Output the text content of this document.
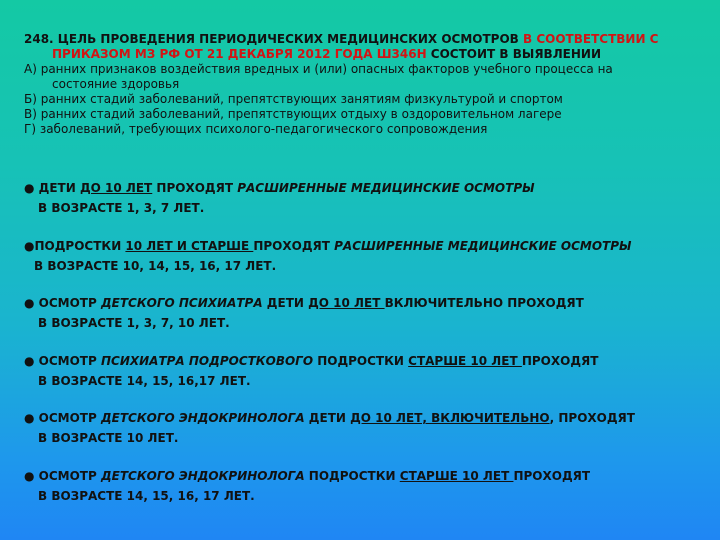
248. ЦЕЛЬ ПРОВЕДЕНИЯ ПЕРИОДИЧЕСКИХ МЕДИЦИНСКИХ ОСМОТРОВ В СООТВЕТСТВИИ С
ПРИКАЗОМ МЗ РФ ОТ 21 ДЕКАБРЯ 2012 ГОДА Ш346Н СОСТОИТ В ВЫЯВЛЕНИИ
А) ранних признаков воздействия вредных и (или) опасных факторов учебного процесса на
состояние здоровья
Б) ранних стадий заболеваний, препятствующих занятиям физкультурой и спортом
В) ранних стадий заболеваний, препятствующих отдыху в оздоровительном лагере
Г) заболеваний, требующих психолого-педагогического сопровождения
● ДЕТИ ДО 10 ЛЕТ ПРОХОДЯТ РАСШИРЕННЫЕ МЕДИЦИНСКИЕ ОСМОТРЫ
В ВОЗРАСТЕ 1, 3, 7 ЛЕТ.
●ПОДРОСТКИ 10 ЛЕТ И СТАРШЕ ПРОХОДЯТ РАСШИРЕННЫЕ МЕДИЦИНСКИЕ ОСМОТРЫ
В ВОЗРАСТЕ 10, 14, 15, 16, 17 ЛЕТ.
● ОСМОТР ДЕТСКОГО ПСИХИАТРА ДЕТИ ДО 10 ЛЕТ ВКЛЮЧИТЕЛЬНО ПРОХОДЯТ
В ВОЗРАСТЕ 1, 3, 7, 10 ЛЕТ.
● ОСМОТР ПСИХИАТРА ПОДРОСТКОВОГО ПОДРОСТКИ СТАРШЕ 10 ЛЕТ ПРОХОДЯТ
В ВОЗРАСТЕ 14, 15, 16,17 ЛЕТ.
● ОСМОТР ДЕТСКОГО ЭНДОКРИНОЛОГА ДЕТИ ДО 10 ЛЕТ, ВКЛЮЧИТЕЛЬНО, ПРОХОДЯТ
В ВОЗРАСТЕ 10 ЛЕТ.
● ОСМОТР ДЕТСКОГО ЭНДОКРИНОЛОГА ПОДРОСТКИ СТАРШЕ 10 ЛЕТ ПРОХОДЯТ
В ВОЗРАСТЕ 14, 15, 16, 17 ЛЕТ.
